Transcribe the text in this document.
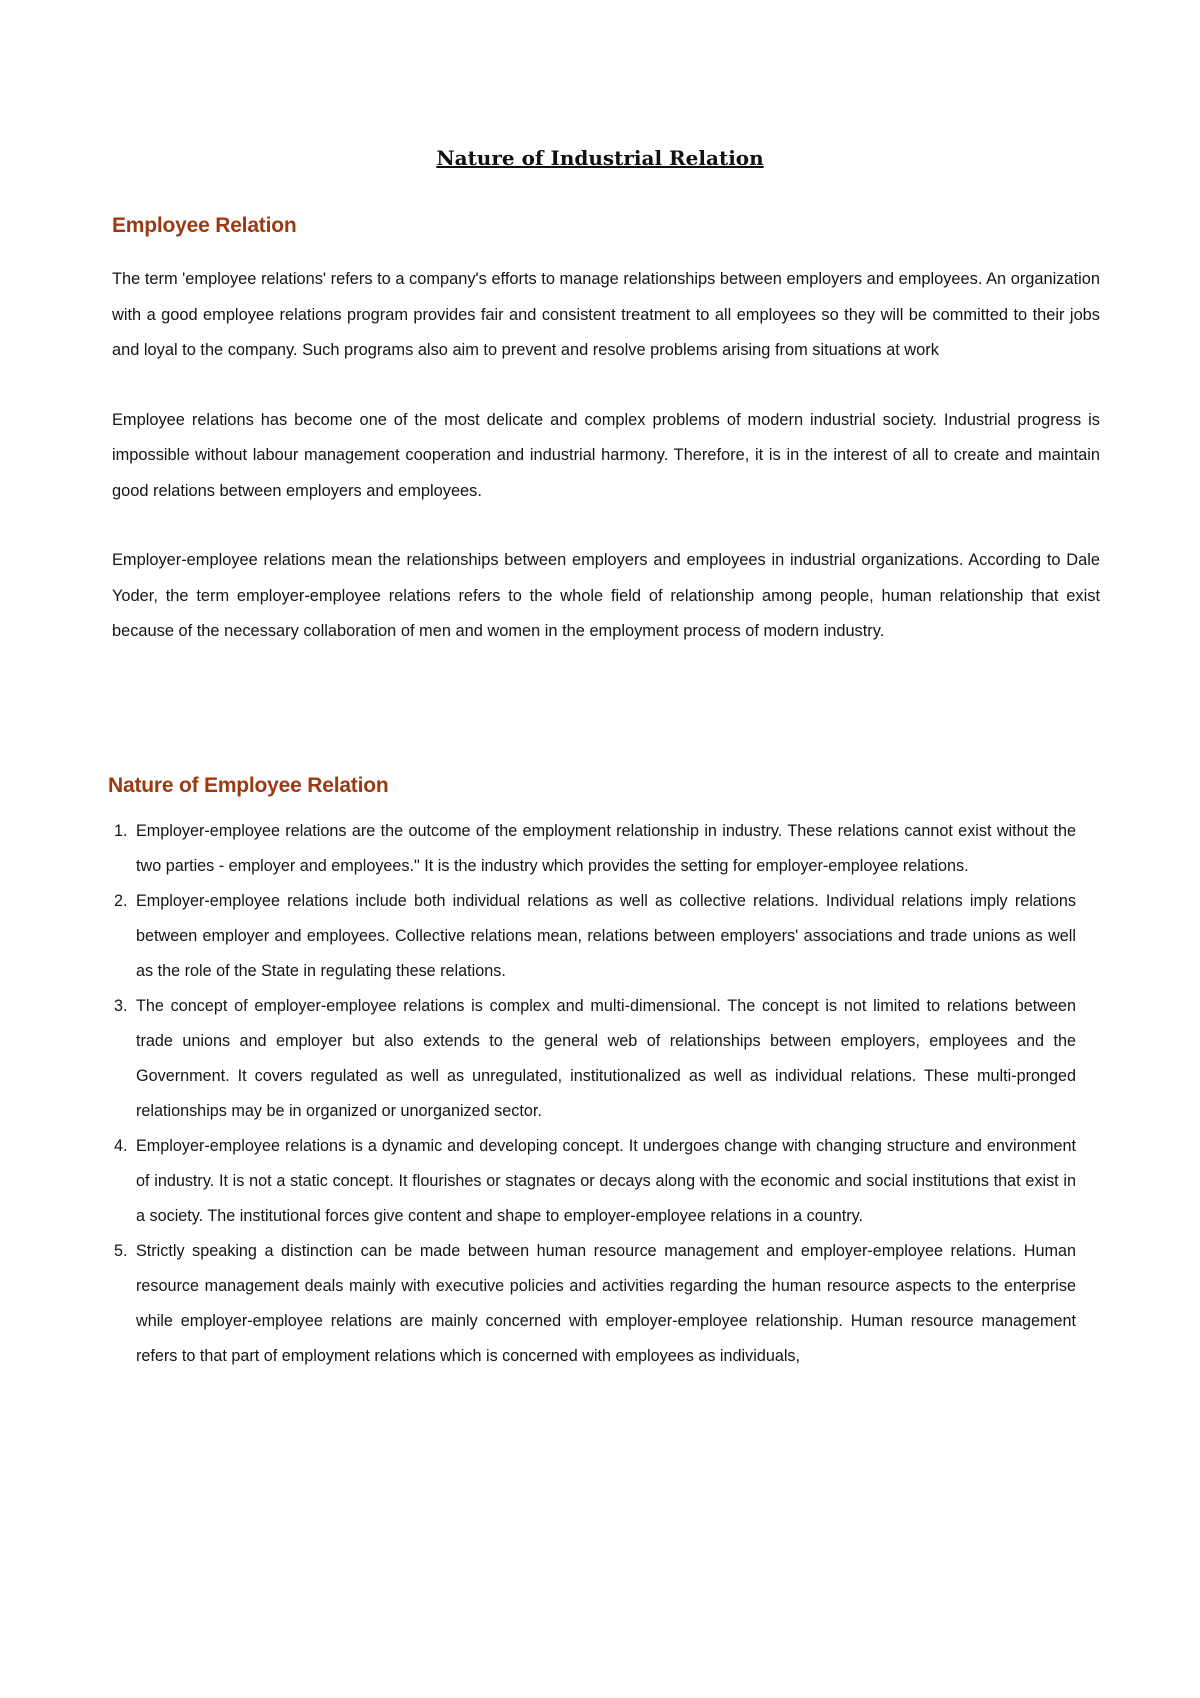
Nature of Industrial Relation
Employee Relation

The term 'employee relations' refers to a company's efforts to manage relationships between employers and employees. An organization with a good employee relations program provides fair and consistent treatment to all employees so they will be committed to their jobs and loyal to the company. Such programs also aim to prevent and resolve problems arising from situations at work

Employee relations has become one of the most delicate and complex problems of modern industrial society. Industrial progress is impossible without labour management cooperation and industrial harmony. Therefore, it is in the interest of all to create and maintain good relations between employers and employees.

Employer-employee relations mean the relationships between employers and employees in industrial organizations. According to Dale Yoder, the term employer-employee relations refers to the whole field of relationship among people, human relationship that exist because of the necessary collaboration of men and women in the employment process of modern industry.

Nature of Employee Relation
1. Employer-employee relations are the outcome of the employment relationship in industry. These relations cannot exist without the two parties - employer and employees." It is the industry which provides the setting for employer-employee relations.
2. Employer-employee relations include both individual relations as well as collective relations. Individual relations imply relations between employer and employees. Collective relations mean, relations between employers' associations and trade unions as well as the role of the State in regulating these relations.
3. The concept of employer-employee relations is complex and multi-dimensional. The concept is not limited to relations between trade unions and employer but also extends to the general web of relationships between employers, employees and the Government. It covers regulated as well as unregulated, institutionalized as well as individual relations. These multi-pronged relationships may be in organized or unorganized sector.
4. Employer-employee relations is a dynamic and developing concept. It undergoes change with changing structure and environment of industry. It is not a static concept. It flourishes or stagnates or decays along with the economic and social institutions that exist in a society. The institutional forces give content and shape to employer-employee relations in a country.
5. Strictly speaking a distinction can be made between human resource management and employer-employee relations. Human resource management deals mainly with executive policies and activities regarding the human resource aspects to the enterprise while employer-employee relations are mainly concerned with employer-employee relationship. Human resource management refers to that part of employment relations which is concerned with employees as individuals,
